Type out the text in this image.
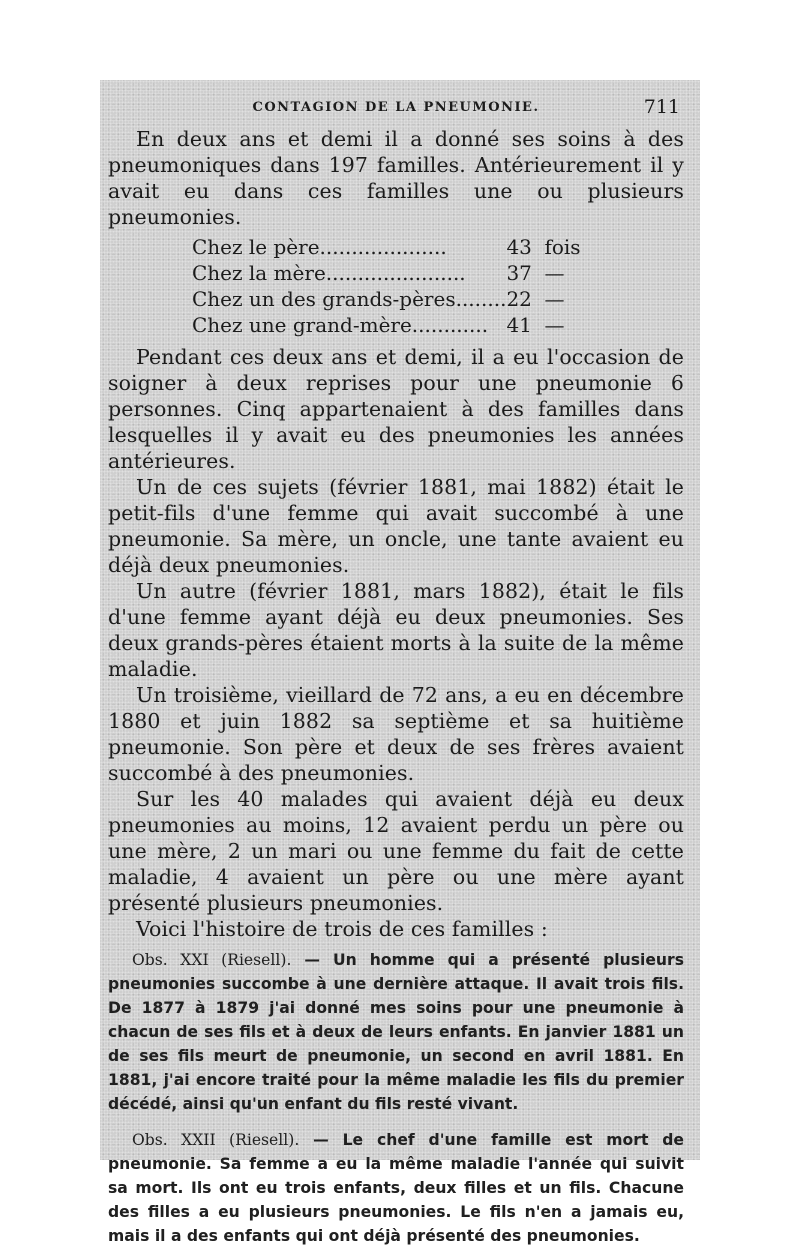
CONTAGION DE LA PNEUMONIE.	711

En deux ans et demi il a donné ses soins à des pneumoniques dans 197 familles. Antérieurement il y avait eu dans ces familles une ou plusieurs pneumonies.

Chez le père....................	43	fois
Chez la mère......................	37	—
Chez un des grands-pères........	22	—
Chez une grand-mère............	41	—

Pendant ces deux ans et demi, il a eu l'occasion de soigner à deux reprises pour une pneumonie 6 personnes. Cinq appartenaient à des familles dans lesquelles il y avait eu des pneumonies les années antérieures.

Un de ces sujets (février 1881, mai 1882) était le petit-fils d'une femme qui avait succombé à une pneumonie. Sa mère, un oncle, une tante avaient eu déjà deux pneumonies.

Un autre (février 1881, mars 1882), était le fils d'une femme ayant déjà eu deux pneumonies. Ses deux grands-pères étaient morts à la suite de la même maladie.

Un troisième, vieillard de 72 ans, a eu en décembre 1880 et juin 1882 sa septième et sa huitième pneumonie. Son père et deux de ses frères avaient succombé à des pneumonies.

Sur les 40 malades qui avaient déjà eu deux pneumonies au moins, 12 avaient perdu un père ou une mère, 2 un mari ou une femme du fait de cette maladie, 4 avaient un père ou une mère ayant présenté plusieurs pneumonies.

Voici l'histoire de trois de ces familles :

Obs. XXI (Riesell). — Un homme qui a présenté plusieurs pneumonies succombe à une dernière attaque. Il avait trois fils. De 1877 à 1879 j'ai donné mes soins pour une pneumonie à chacun de ses fils et à deux de leurs enfants. En janvier 1881 un de ses fils meurt de pneumonie, un second en avril 1881. En 1881, j'ai encore traité pour la même maladie les fils du premier décédé, ainsi qu'un enfant du fils resté vivant.

Obs. XXII (Riesell). — Le chef d'une famille est mort de pneumonie. Sa femme a eu la même maladie l'année qui suivit sa mort. Ils ont eu trois enfants, deux filles et un fils. Chacune des filles a eu plusieurs pneumonies. Le fils n'en a jamais eu, mais il a des enfants qui ont déjà présenté des pneumonies.
